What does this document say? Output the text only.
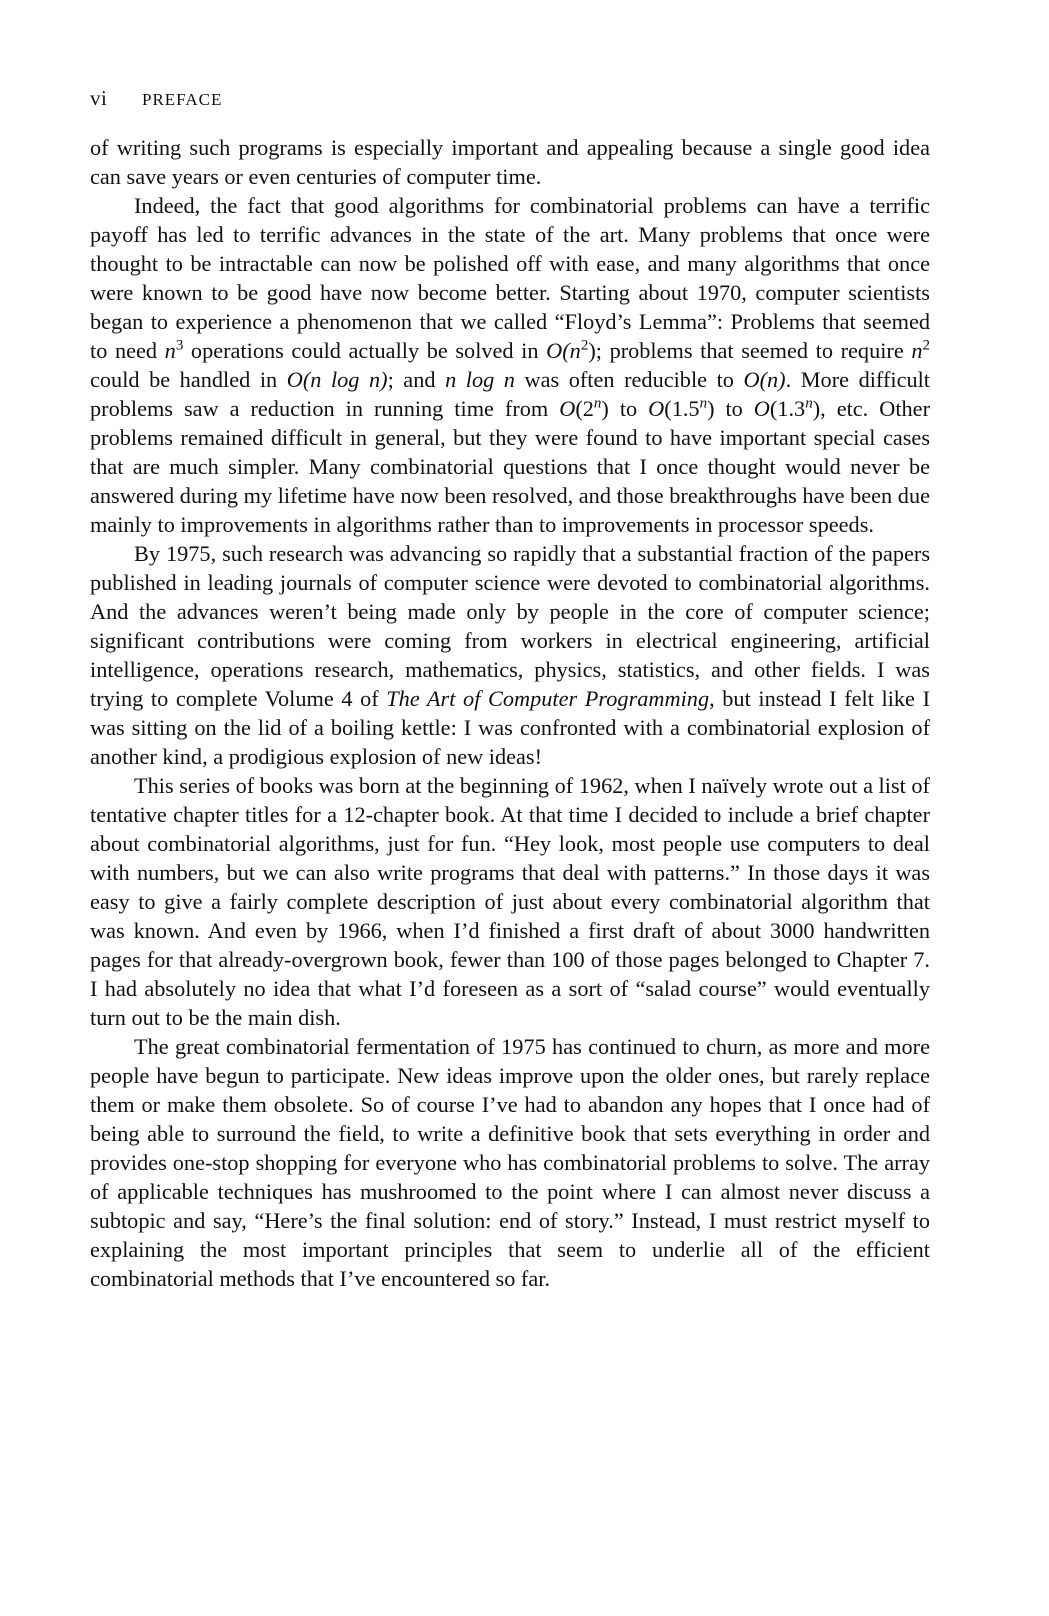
vi	PREFACE

of writing such programs is especially important and appealing because a single good idea can save years or even centuries of computer time.

Indeed, the fact that good algorithms for combinatorial problems can have a terrific payoff has led to terrific advances in the state of the art. Many problems that once were thought to be intractable can now be polished off with ease, and many algorithms that once were known to be good have now become better. Starting about 1970, computer scientists began to experience a phenomenon that we called “Floyd’s Lemma”: Problems that seemed to need $n^3$ operations could actually be solved in $O(n^2)$; problems that seemed to require $n^2$ could be handled in O(n log n); and n log n was often reducible to O(n). More difficult problems saw a reduction in running time from O(2$^n$) to O(1.5$^n$) to O(1.3$^n$), etc. Other problems remained difficult in general, but they were found to have important special cases that are much simpler. Many combinatorial questions that I once thought would never be answered during my lifetime have now been resolved, and those breakthroughs have been due mainly to improvements in algorithms rather than to improvements in processor speeds.

By 1975, such research was advancing so rapidly that a substantial fraction of the papers published in leading journals of computer science were devoted to combinatorial algorithms. And the advances weren’t being made only by people in the core of computer science; significant contributions were coming from workers in electrical engineering, artificial intelligence, operations research, mathematics, physics, statistics, and other fields. I was trying to complete Volume 4 of The Art of Computer Programming, but instead I felt like I was sitting on the lid of a boiling kettle: I was confronted with a combinatorial explosion of another kind, a prodigious explosion of new ideas!

This series of books was born at the beginning of 1962, when I naïvely wrote out a list of tentative chapter titles for a 12-chapter book. At that time I decided to include a brief chapter about combinatorial algorithms, just for fun. “Hey look, most people use computers to deal with numbers, but we can also write programs that deal with patterns.” In those days it was easy to give a fairly complete description of just about every combinatorial algorithm that was known. And even by 1966, when I’d finished a first draft of about 3000 handwritten pages for that already-overgrown book, fewer than 100 of those pages belonged to Chapter 7. I had absolutely no idea that what I’d foreseen as a sort of “salad course” would eventually turn out to be the main dish.

The great combinatorial fermentation of 1975 has continued to churn, as more and more people have begun to participate. New ideas improve upon the older ones, but rarely replace them or make them obsolete. So of course I’ve had to abandon any hopes that I once had of being able to surround the field, to write a definitive book that sets everything in order and provides one-stop shopping for everyone who has combinatorial problems to solve. The array of applicable techniques has mushroomed to the point where I can almost never discuss a subtopic and say, “Here’s the final solution: end of story.” Instead, I must restrict myself to explaining the most important principles that seem to underlie all of the efficient combinatorial methods that I’ve encountered so far.
